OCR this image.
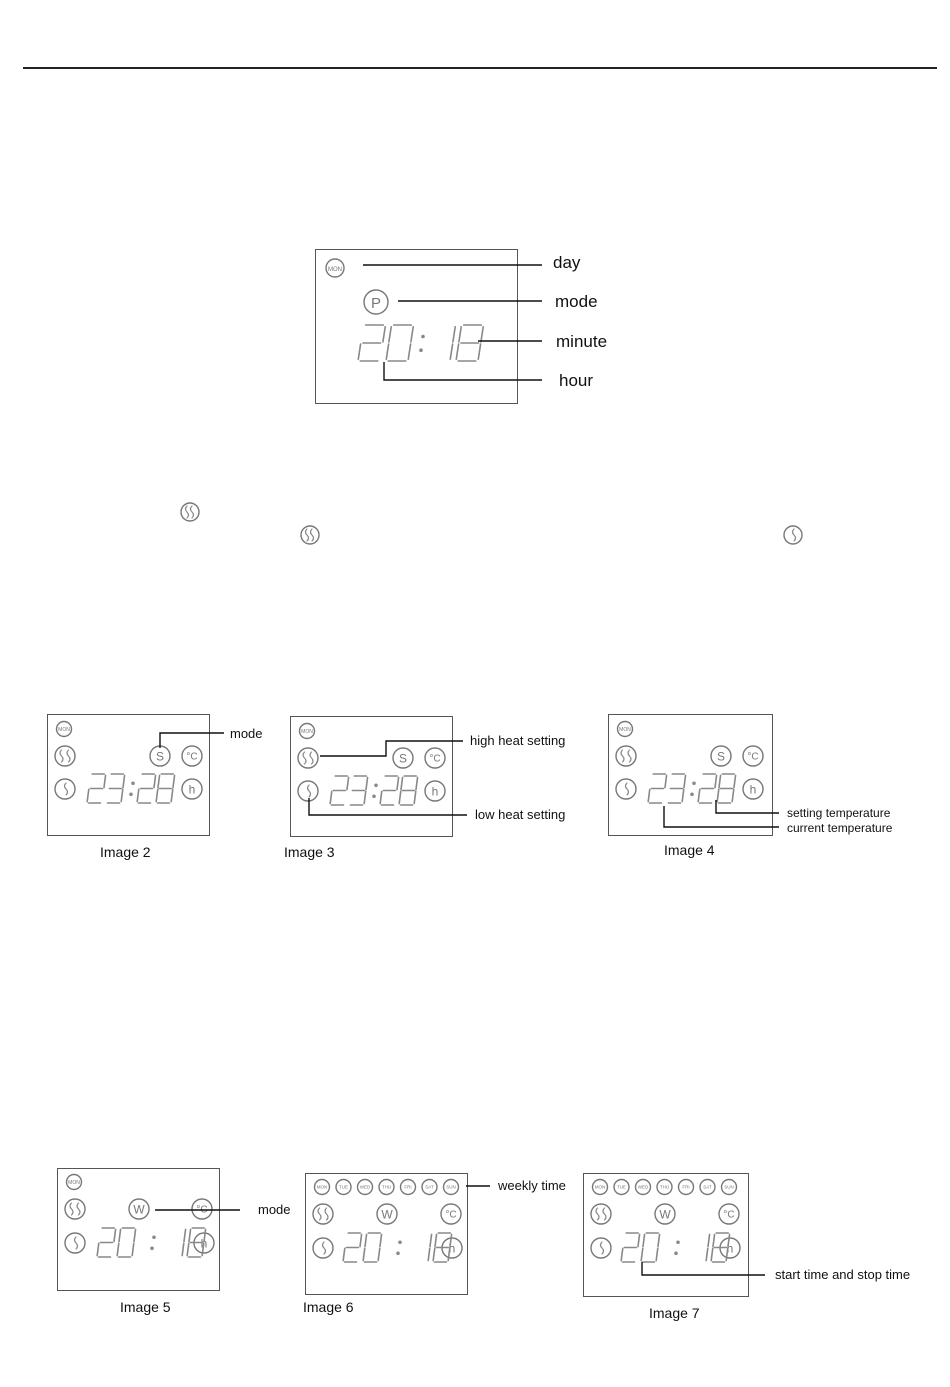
MON
P
day
mode
minute
hour
MON
S °C
h
MON
S °C
h
MON
S °C
h
mode	high heat setting
low heat setting	setting temperature
current temperature
Image 2	Image 3	Image 4
MON
W	°C
h
MON	TUE	WED	THU	FRI	SAT	SUN
W	°C
h
MON	TUE	WED	THU	FRI	SAT	SUN
W	°C
h
mode
weekly time
start time and stop time
Image 5	Image 6	Image 7
